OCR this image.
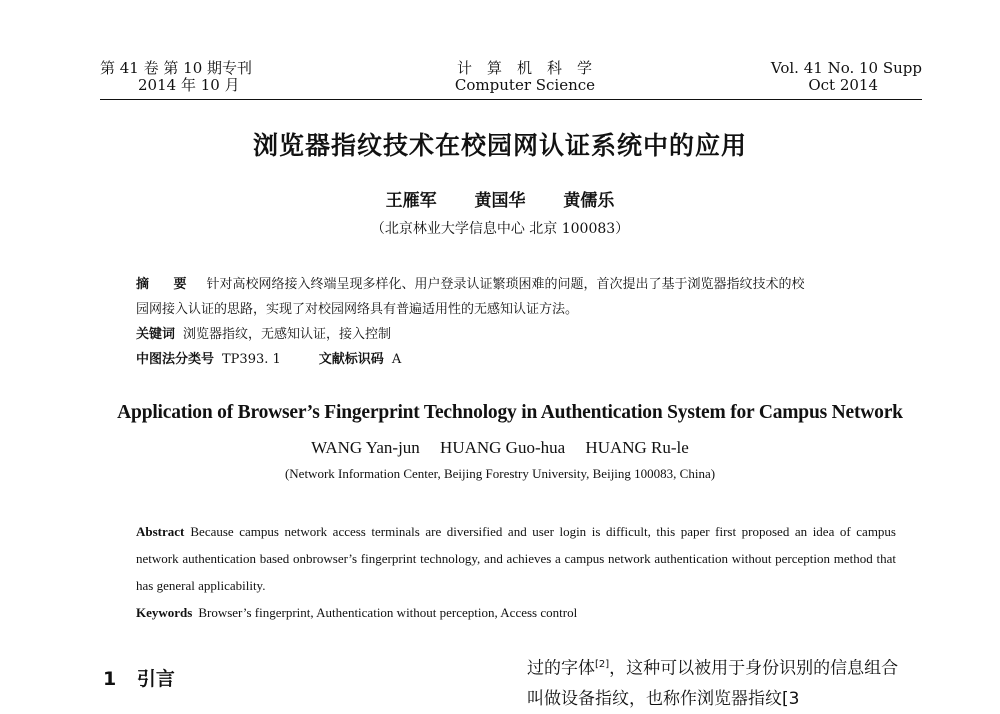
第 41 卷 第 10 期专刊
2014 年 10 月
计算机科学
Computer Science
Vol. 41 No. 10 Supp
Oct 2014
浏览器指纹技术在校园网认证系统中的应用
王雁军 黄国华 黄儒乐
（北京林业大学信息中心 北京 100083）
摘 要 针对高校网络接入终端呈现多样化、用户登录认证繁琐困难的问题，首次提出了基于浏览器指纹技术的校
园网接入认证的思路，实现了对校园网络具有普遍适用性的无感知认证方法。
关键词 浏览器指纹，无感知认证，接入控制
中图法分类号 TP393. 1	文献标识码 A
Application of Browser’s Fingerprint Technology in Authentication System for Campus Network
WANG Yan-jun HUANG Guo-hua HUANG Ru-le
(Network Information Center, Beijing Forestry University, Beijing 100083, China)
Abstract Because campus network access terminals are diversified and user login is difficult, this paper first proposed an idea of campus network authentication based onbrowser’s fingerprint technology, and achieves a campus network authentication without perception method that has general applicability.
Keywords Browser’s fingerprint, Authentication without perception, Access control
1 引言	过的字体[2]，这种可以被用于身份识别的信息组合
叫做设备指纹，也称作浏览器指纹[3
